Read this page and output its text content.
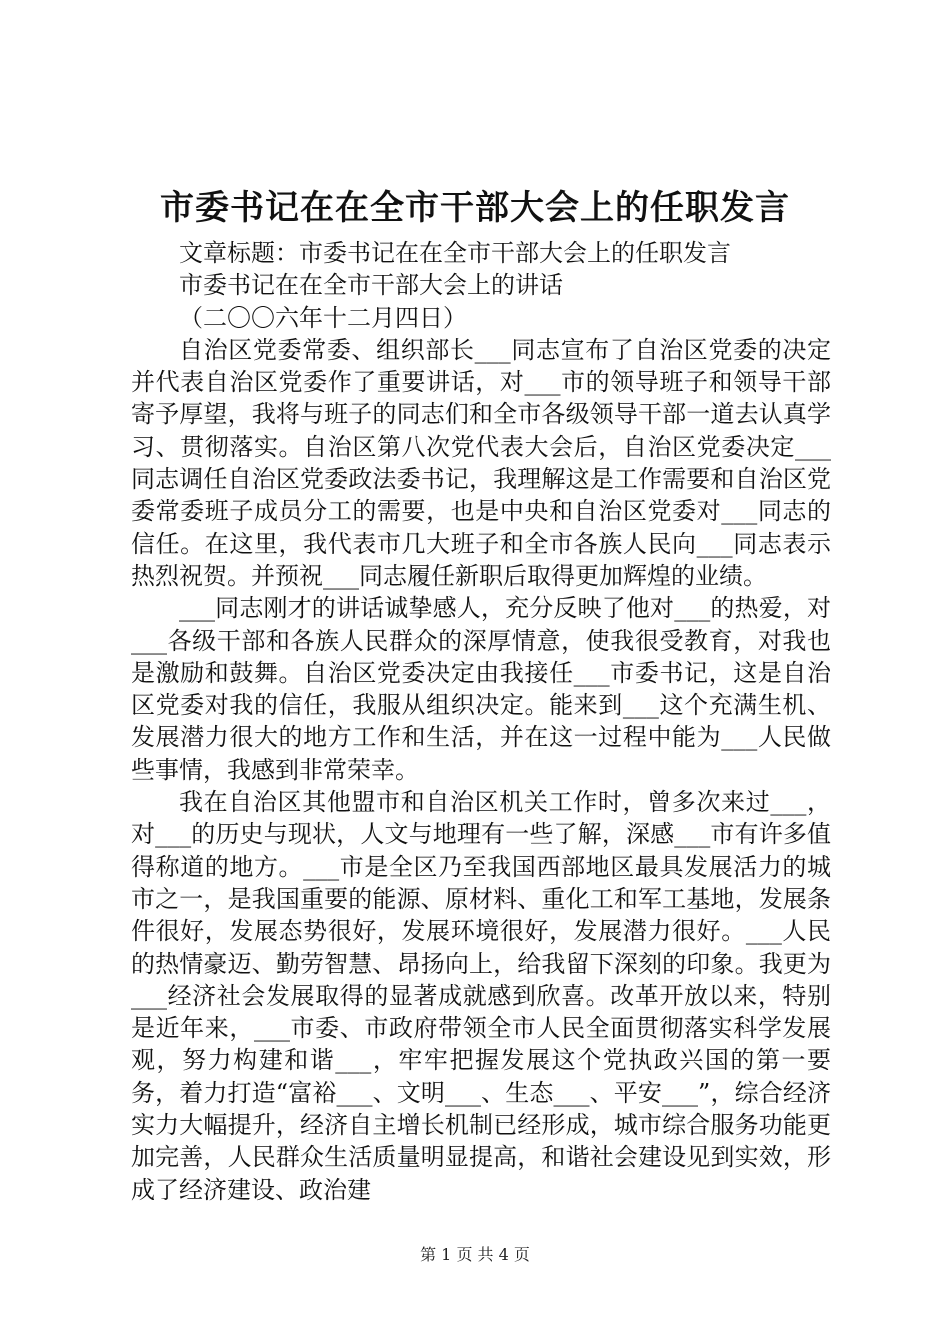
市委书记在在全市干部大会上的任职发言

文章标题：市委书记在在全市干部大会上的任职发言

市委书记在在全市干部大会上的讲话

（二〇〇六年十二月四日）

自治区党委常委、组织部长___同志宣布了自治区党委的决定并代表自治区党委作了重要讲话，对___市的领导班子和领导干部寄予厚望，我将与班子的同志们和全市各级领导干部一道去认真学习、贯彻落实。自治区第八次党代表大会后，自治区党委决定___同志调任自治区党委政法委书记，我理解这是工作需要和自治区党委常委班子成员分工的需要，也是中央和自治区党委对___同志的信任。在这里，我代表市几大班子和全市各族人民向___同志表示热烈祝贺。并预祝___同志履任新职后取得更加辉煌的业绩。

___同志刚才的讲话诚挚感人，充分反映了他对___的热爱，对___各级干部和各族人民群众的深厚情意，使我很受教育，对我也是激励和鼓舞。自治区党委决定由我接任___市委书记，这是自治区党委对我的信任，我服从组织决定。能来到___这个充满生机、发展潜力很大的地方工作和生活，并在这一过程中能为___人民做些事情，我感到非常荣幸。

我在自治区其他盟市和自治区机关工作时，曾多次来过___，对___的历史与现状，人文与地理有一些了解，深感___市有许多值得称道的地方。___市是全区乃至我国西部地区最具发展活力的城市之一，是我国重要的能源、原材料、重化工和军工基地，发展条件很好，发展态势很好，发展环境很好，发展潜力很好。___人民的热情豪迈、勤劳智慧、昂扬向上，给我留下深刻的印象。我更为___经济社会发展取得的显著成就感到欣喜。改革开放以来，特别是近年来，___市委、市政府带领全市人民全面贯彻落实科学发展观，努力构建和谐___，牢牢把握发展这个党执政兴国的第一要务，着力打造“富裕___、文明___、生态___、平安___”，综合经济实力大幅提升，经济自主增长机制已经形成，城市综合服务功能更加完善，人民群众生活质量明显提高，和谐社会建设见到实效，形成了经济建设、政治建

第 1 页 共 4 页
